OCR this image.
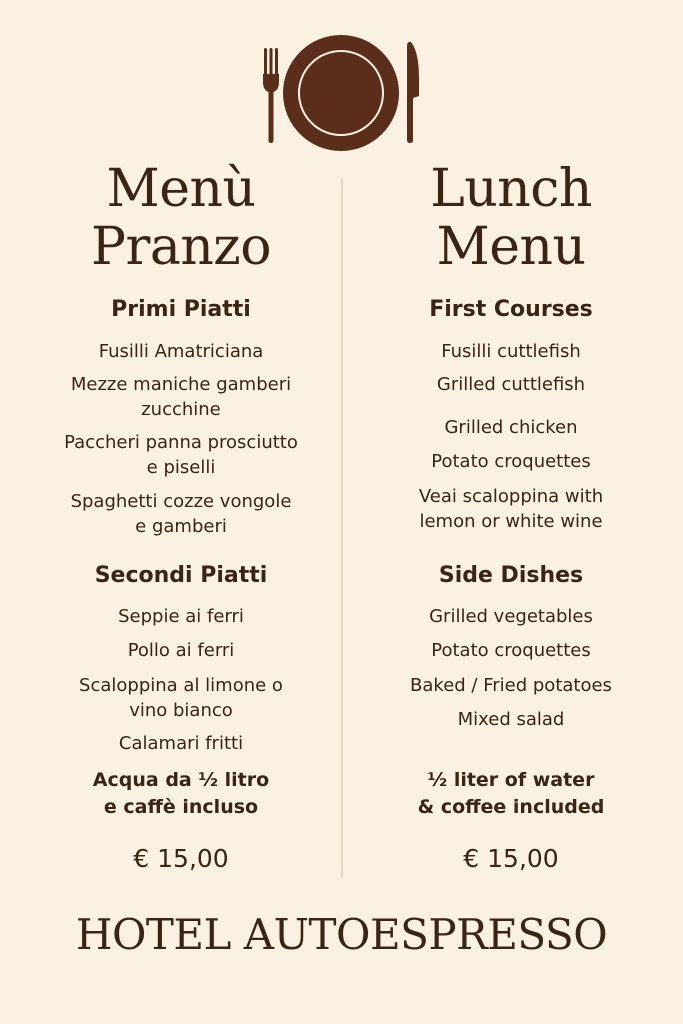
Menù
Pranzo
Primi Piatti
Fusilli Amatriciana
Mezze maniche gamberi
zucchine
Paccheri panna prosciutto
e piselli
Spaghetti cozze vongole
e gamberi
Secondi Piatti
Seppie ai ferri
Pollo ai ferri
Scaloppina al limone o
vino bianco
Calamari fritti
Acqua da ½ litro
e caffè incluso
€ 15,00
Lunch
Menu
First Courses
Fusilli cuttlefish
Grilled cuttlefish
Grilled chicken
Potato croquettes
Veai scaloppina with
lemon or white wine
Side Dishes
Grilled vegetables
Potato croquettes
Baked / Fried potatoes
Mixed salad
½ liter of water
& coffee included
€ 15,00
HOTEL AUTOESPRESSO
